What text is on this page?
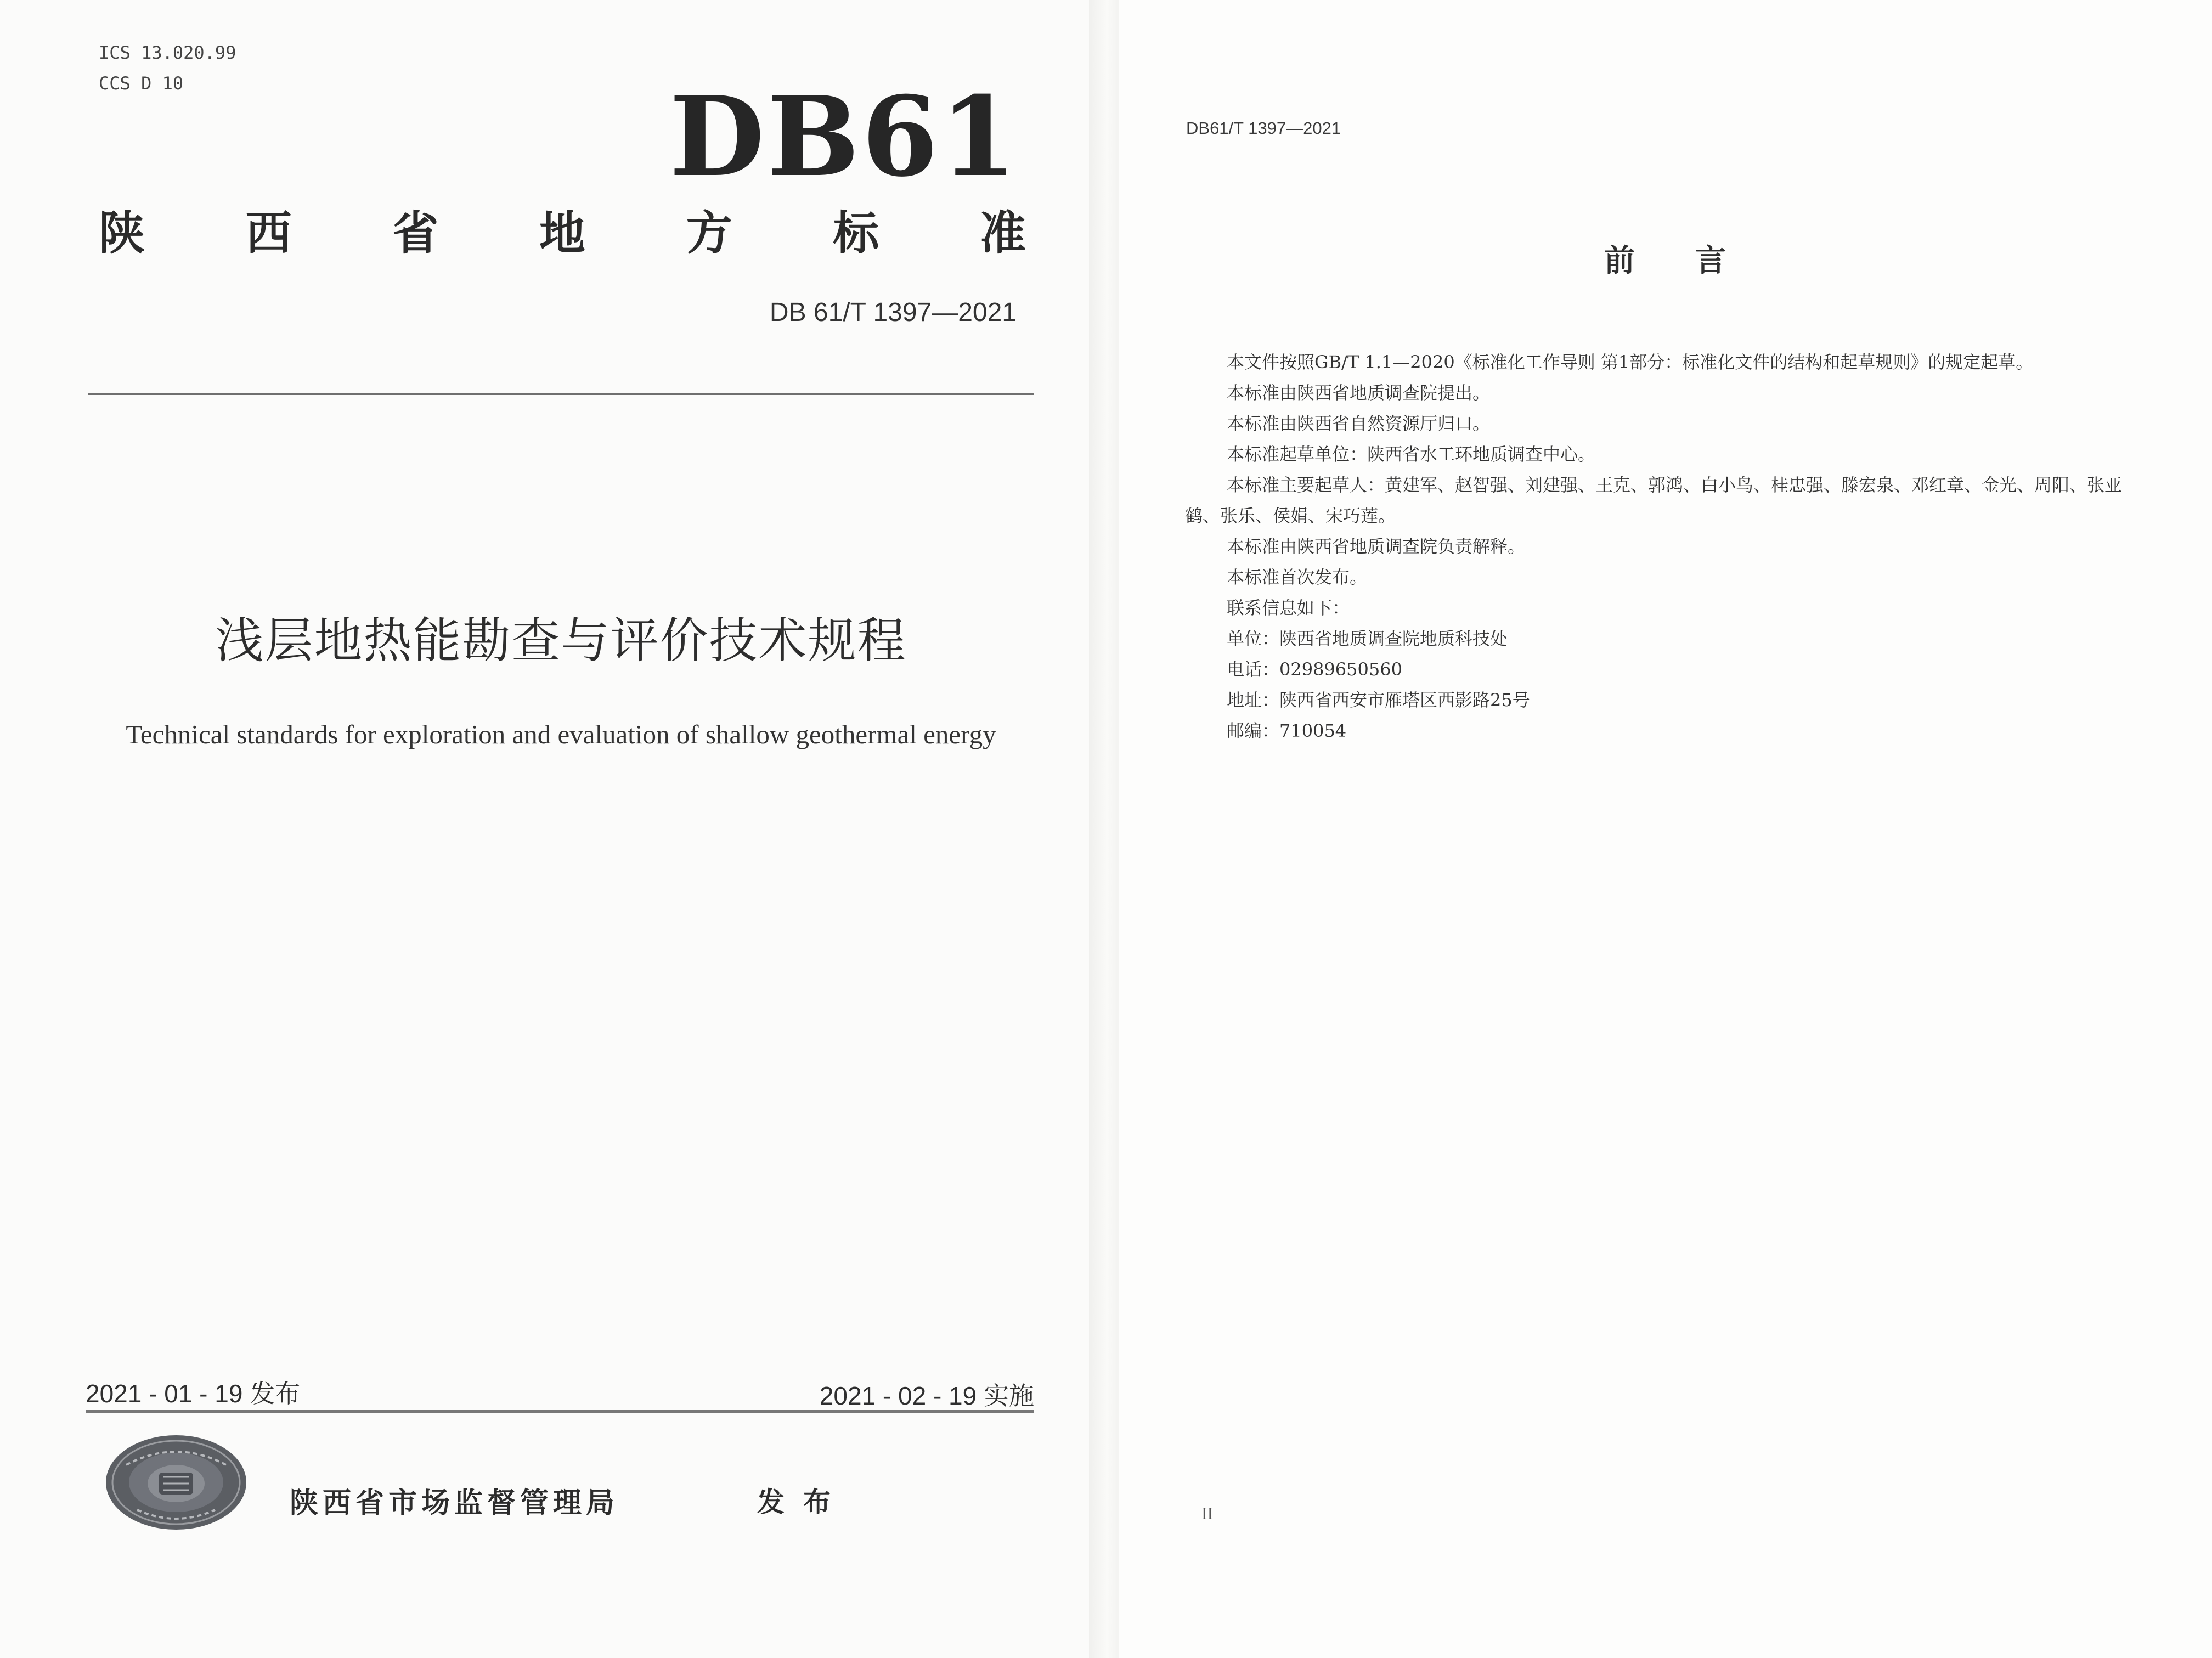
ICS 13.020.99
CCS D 10	DB61
陕 西 省 地 方 标 准
DB 61/T 1397—2021
浅层地热能勘查与评价技术规程
Technical standards for exploration and evaluation of shallow geothermal energy
2021 - 01 - 19 发布	2021 - 02 - 19 实施
陕西省市场监督管理局	发布
DB61/T 1397—2021
前言

本文件按照GB/T 1.1—2020《标准化工作导则 第1部分：标准化文件的结构和起草规则》的规定起草。

本标准由陕西省地质调查院提出。

本标准由陕西省自然资源厅归口。

本标准起草单位：陕西省水工环地质调查中心。

本标准主要起草人：黄建军、赵智强、刘建强、王克、郭鸿、白小鸟、桂忠强、滕宏泉、邓红章、金光、周阳、张亚鹤、张乐、侯娟、宋巧莲。

本标准由陕西省地质调查院负责解释。

本标准首次发布。

联系信息如下：

单位：陕西省地质调查院地质科技处

电话：02989650560

地址：陕西省西安市雁塔区西影路25号

邮编：710054

II
